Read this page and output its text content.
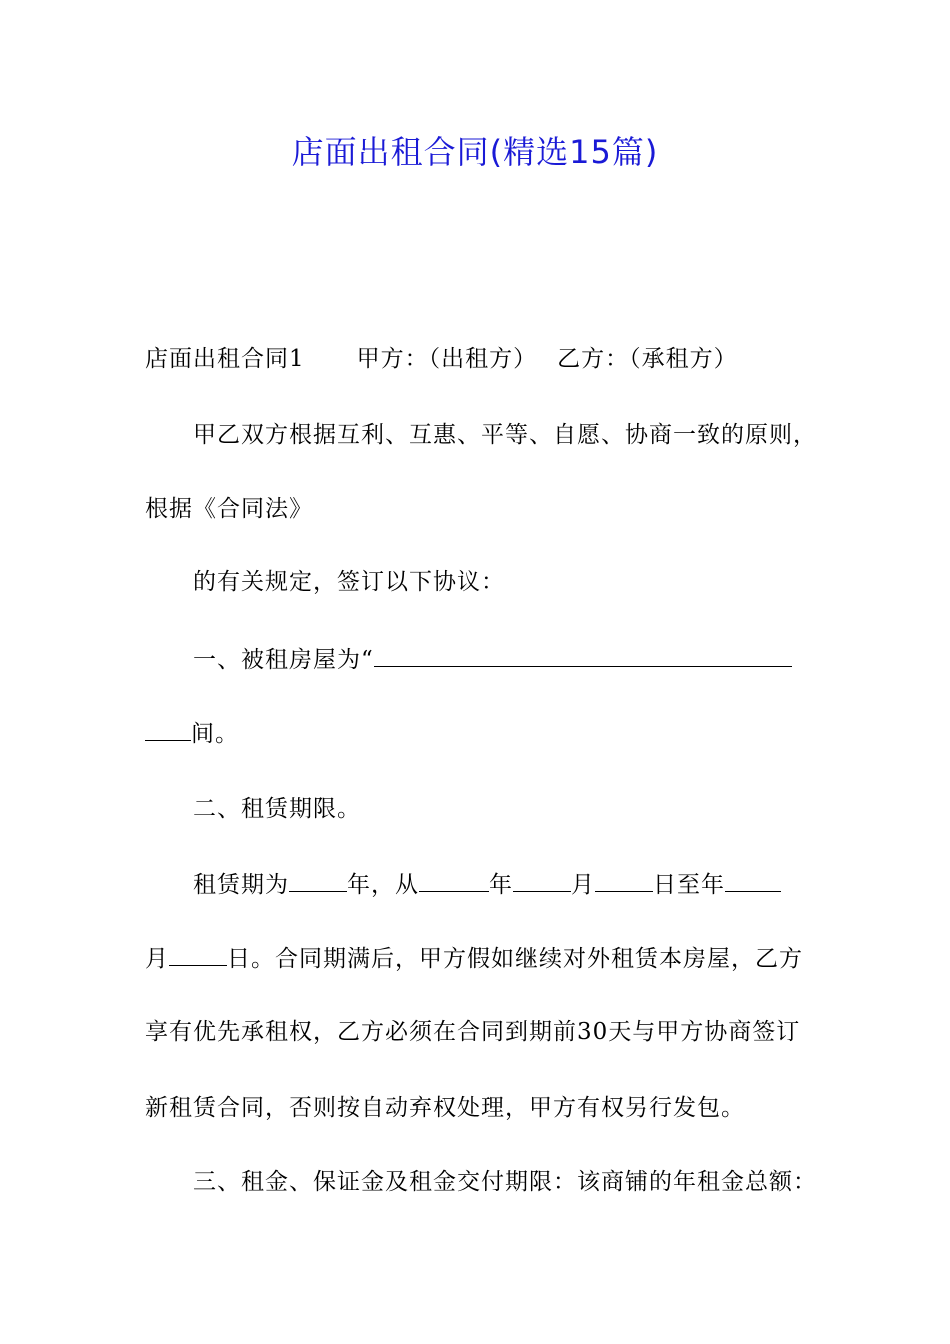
店面出租合同(精选15篇)
店面出租合同1 甲方：（出租方） 乙方：（承租方）
甲乙双方根据互利、互惠、平等、自愿、协商一致的原则，
根据《合同法》
的有关规定，签订以下协议：
一、被租房屋为“
间。
二、租赁期限。
租赁期为	年，从	年	月	日至年
月	日。合同期满后，甲方假如继续对外租赁本房屋，乙方
享有优先承租权，乙方必须在合同到期前30天与甲方协商签订
新租赁合同，否则按自动弃权处理，甲方有权另行发包。
三、租金、保证金及租金交付期限：该商铺的年租金总额：
